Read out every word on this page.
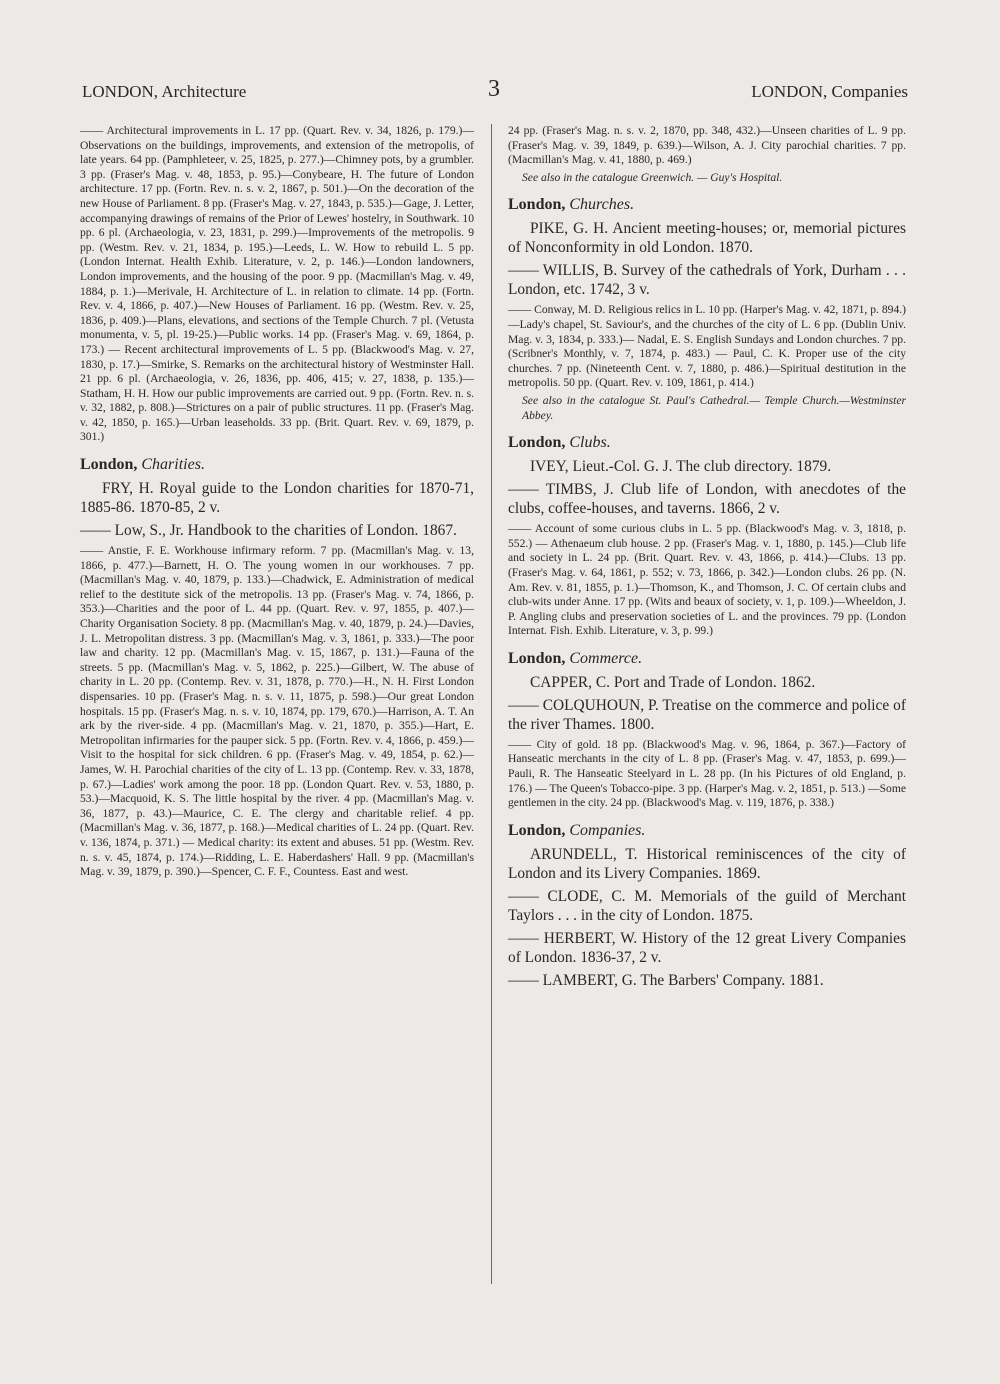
LONDON, Architecture	3	LONDON, Companies

—— Architectural improvements in L. 17 pp. (Quart. Rev. v. 34, 1826, p. 179.)—Observations on the buildings, improvements, and extension of the metropolis, of late years. 64 pp. (Pamphleteer, v. 25, 1825, p. 277.)—Chimney pots, by a grumbler. 3 pp. (Fraser's Mag. v. 48, 1853, p. 95.)—Conybeare, H. The future of London architecture. 17 pp. (Fortn. Rev. n. s. v. 2, 1867, p. 501.)—On the decoration of the new House of Parliament. 8 pp. (Fraser's Mag. v. 27, 1843, p. 535.)—Gage, J. Letter, accompanying drawings of remains of the Prior of Lewes' hostelry, in Southwark. 10 pp. 6 pl. (Archaeologia, v. 23, 1831, p. 299.)—Improvements of the metropolis. 9 pp. (Westm. Rev. v. 21, 1834, p. 195.)—Leeds, L. W. How to rebuild L. 5 pp. (London Internat. Health Exhib. Literature, v. 2, p. 146.)—London landowners, London improvements, and the housing of the poor. 9 pp. (Macmillan's Mag. v. 49, 1884, p. 1.)—Merivale, H. Architecture of L. in relation to climate. 14 pp. (Fortn. Rev. v. 4, 1866, p. 407.)—New Houses of Parliament. 16 pp. (Westm. Rev. v. 25, 1836, p. 409.)—Plans, elevations, and sections of the Temple Church. 7 pl. (Vetusta monumenta, v. 5, pl. 19-25.)—Public works. 14 pp. (Fraser's Mag. v. 69, 1864, p. 173.) — Recent architectural improvements of L. 5 pp. (Blackwood's Mag. v. 27, 1830, p. 17.)—Smirke, S. Remarks on the architectural history of Westminster Hall. 21 pp. 6 pl. (Archaeologia, v. 26, 1836, pp. 406, 415; v. 27, 1838, p. 135.)—Statham, H. H. How our public improvements are carried out. 9 pp. (Fortn. Rev. n. s. v. 32, 1882, p. 808.)—Strictures on a pair of public structures. 11 pp. (Fraser's Mag. v. 42, 1850, p. 165.)—Urban leaseholds. 33 pp. (Brit. Quart. Rev. v. 69, 1879, p. 301.)

London, Charities.

FRY, H. Royal guide to the London charities for 1870-71, 1885-86. 1870-85, 2 v.

—— Low, S., Jr. Handbook to the charities of London. 1867.

—— Anstie, F. E. Workhouse infirmary reform. 7 pp. (Macmillan's Mag. v. 13, 1866, p. 477.)—Barnett, H. O. The young women in our workhouses. 7 pp. (Macmillan's Mag. v. 40, 1879, p. 133.)—Chadwick, E. Administration of medical relief to the destitute sick of the metropolis. 13 pp. (Fraser's Mag. v. 74, 1866, p. 353.)—Charities and the poor of L. 44 pp. (Quart. Rev. v. 97, 1855, p. 407.)—Charity Organisation Society. 8 pp. (Macmillan's Mag. v. 40, 1879, p. 24.)—Davies, J. L. Metropolitan distress. 3 pp. (Macmillan's Mag. v. 3, 1861, p. 333.)—The poor law and charity. 12 pp. (Macmillan's Mag. v. 15, 1867, p. 131.)—Fauna of the streets. 5 pp. (Macmillan's Mag. v. 5, 1862, p. 225.)—Gilbert, W. The abuse of charity in L. 20 pp. (Contemp. Rev. v. 31, 1878, p. 770.)—H., N. H. First London dispensaries. 10 pp. (Fraser's Mag. n. s. v. 11, 1875, p. 598.)—Our great London hospitals. 15 pp. (Fraser's Mag. n. s. v. 10, 1874, pp. 179, 670.)—Harrison, A. T. An ark by the river-side. 4 pp. (Macmillan's Mag. v. 21, 1870, p. 355.)—Hart, E. Metropolitan infirmaries for the pauper sick. 5 pp. (Fortn. Rev. v. 4, 1866, p. 459.)—Visit to the hospital for sick children. 6 pp. (Fraser's Mag. v. 49, 1854, p. 62.)—James, W. H. Parochial charities of the city of L. 13 pp. (Contemp. Rev. v. 33, 1878, p. 67.)—Ladies' work among the poor. 18 pp. (London Quart. Rev. v. 53, 1880, p. 53.)—Macquoid, K. S. The little hospital by the river. 4 pp. (Macmillan's Mag. v. 36, 1877, p. 43.)—Maurice, C. E. The clergy and charitable relief. 4 pp. (Macmillan's Mag. v. 36, 1877, p. 168.)—Medical charities of L. 24 pp. (Quart. Rev. v. 136, 1874, p. 371.) — Medical charity: its extent and abuses. 51 pp. (Westm. Rev. n. s. v. 45, 1874, p. 174.)—Ridding, L. E. Haberdashers' Hall. 9 pp. (Macmillan's Mag. v. 39, 1879, p. 390.)—Spencer, C. F. F., Countess. East and west.

24 pp. (Fraser's Mag. n. s. v. 2, 1870, pp. 348, 432.)—Unseen charities of L. 9 pp. (Fraser's Mag. v. 39, 1849, p. 639.)—Wilson, A. J. City parochial charities. 7 pp. (Macmillan's Mag. v. 41, 1880, p. 469.)

See also in the catalogue Greenwich. — Guy's Hospital.

London, Churches.

PIKE, G. H. Ancient meeting-houses; or, memorial pictures of Nonconformity in old London. 1870.

—— WILLIS, B. Survey of the cathedrals of York, Durham . . . London, etc. 1742, 3 v.

—— Conway, M. D. Religious relics in L. 10 pp. (Harper's Mag. v. 42, 1871, p. 894.)—Lady's chapel, St. Saviour's, and the churches of the city of L. 6 pp. (Dublin Univ. Mag. v. 3, 1834, p. 333.)— Nadal, E. S. English Sundays and London churches. 7 pp. (Scribner's Monthly, v. 7, 1874, p. 483.) — Paul, C. K. Proper use of the city churches. 7 pp. (Nineteenth Cent. v. 7, 1880, p. 486.)—Spiritual destitution in the metropolis. 50 pp. (Quart. Rev. v. 109, 1861, p. 414.)

See also in the catalogue St. Paul's Cathedral.— Temple Church.—Westminster Abbey.

London, Clubs.

IVEY, Lieut.-Col. G. J. The club directory. 1879.

—— TIMBS, J. Club life of London, with anecdotes of the clubs, coffee-houses, and taverns. 1866, 2 v.

—— Account of some curious clubs in L. 5 pp. (Blackwood's Mag. v. 3, 1818, p. 552.) — Athenaeum club house. 2 pp. (Fraser's Mag. v. 1, 1880, p. 145.)—Club life and society in L. 24 pp. (Brit. Quart. Rev. v. 43, 1866, p. 414.)—Clubs. 13 pp. (Fraser's Mag. v. 64, 1861, p. 552; v. 73, 1866, p. 342.)—London clubs. 26 pp. (N. Am. Rev. v. 81, 1855, p. 1.)—Thomson, K., and Thomson, J. C. Of certain clubs and club-wits under Anne. 17 pp. (Wits and beaux of society, v. 1, p. 109.)—Wheeldon, J. P. Angling clubs and preservation societies of L. and the provinces. 79 pp. (London Internat. Fish. Exhib. Literature, v. 3, p. 99.)

London, Commerce.

CAPPER, C. Port and Trade of London. 1862.

—— COLQUHOUN, P. Treatise on the commerce and police of the river Thames. 1800.

—— City of gold. 18 pp. (Blackwood's Mag. v. 96, 1864, p. 367.)—Factory of Hanseatic merchants in the city of L. 8 pp. (Fraser's Mag. v. 47, 1853, p. 699.)—Pauli, R. The Hanseatic Steelyard in L. 28 pp. (In his Pictures of old England, p. 176.) — The Queen's Tobacco-pipe. 3 pp. (Harper's Mag. v. 2, 1851, p. 513.) —Some gentlemen in the city. 24 pp. (Blackwood's Mag. v. 119, 1876, p. 338.)

London, Companies.

ARUNDELL, T. Historical reminiscences of the city of London and its Livery Companies. 1869.

—— CLODE, C. M. Memorials of the guild of Merchant Taylors . . . in the city of London. 1875.

—— HERBERT, W. History of the 12 great Livery Companies of London. 1836-37, 2 v.

—— LAMBERT, G. The Barbers' Company. 1881.
